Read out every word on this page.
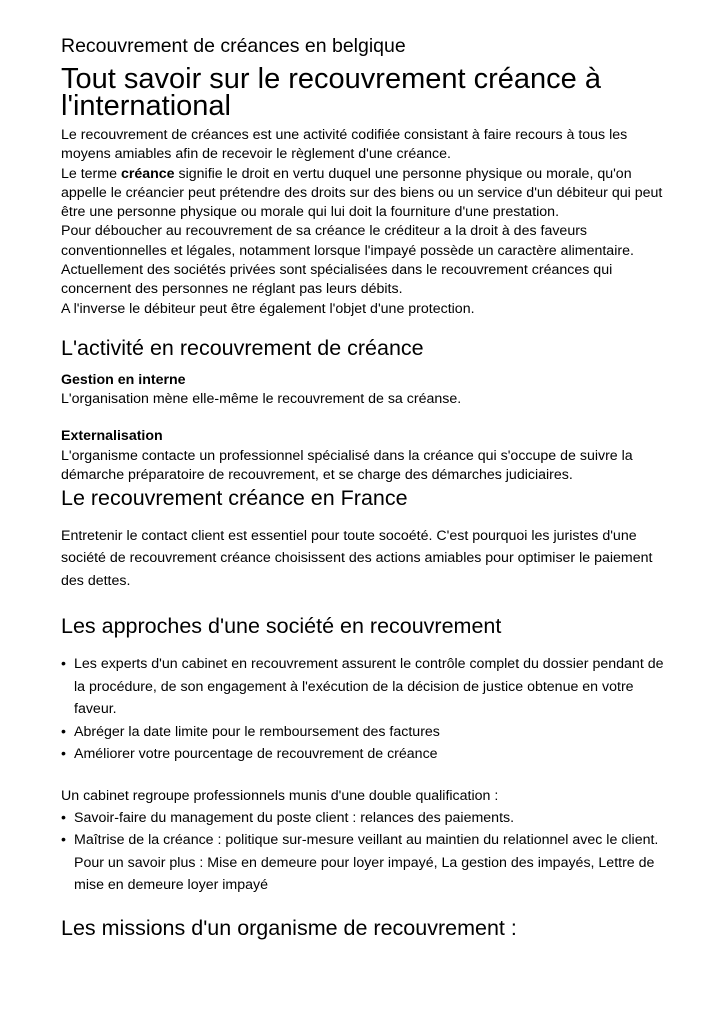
Recouvrement de créances en belgique
Tout savoir sur le recouvrement créance à l'international

Le recouvrement de créances est une activité codifiée consistant à faire recours à tous les moyens amiables afin de recevoir le règlement d'une créance.

Le terme créance signifie le droit en vertu duquel une personne physique ou morale, qu'on appelle le créancier peut prétendre des droits sur des biens ou un service d'un débiteur qui peut être une personne physique ou morale qui lui doit la fourniture d'une prestation.

Pour déboucher au recouvrement de sa créance le créditeur a la droit à des faveurs conventionnelles et légales, notamment lorsque l'impayé possède un caractère alimentaire.

Actuellement des sociétés privées sont spécialisées dans le recouvrement créances qui concernent des personnes ne réglant pas leurs débits.

A l'inverse le débiteur peut être également l'objet d'une protection.

L'activité en recouvrement de créance

Gestion en interne

L'organisation mène elle-même le recouvrement de sa créanse.

Externalisation

L'organisme contacte un professionnel spécialisé dans la créance qui s'occupe de suivre la démarche préparatoire de recouvrement, et se charge des démarches judiciaires.

Le recouvrement créance en France

Entretenir le contact client est essentiel pour toute socoété. C'est pourquoi les juristes d'une société de recouvrement créance choisissent des actions amiables pour optimiser le paiement des dettes.

Les approches d'une société en recouvrement
• Les experts d'un cabinet en recouvrement assurent le contrôle complet du dossier pendant de la procédure, de son engagement à l'exécution de la décision de justice obtenue en votre faveur.
• Abréger la date limite pour le remboursement des factures
• Améliorer votre pourcentage de recouvrement de créance

Un cabinet regroupe professionnels munis d'une double qualification :

• Savoir-faire du management du poste client : relances des paiements.
• Maîtrise de la créance : politique sur-mesure veillant au maintien du relationnel avec le client. Pour un savoir plus : Mise en demeure pour loyer impayé, La gestion des impayés, Lettre de mise en demeure loyer impayé
Les missions d'un organisme de recouvrement :
